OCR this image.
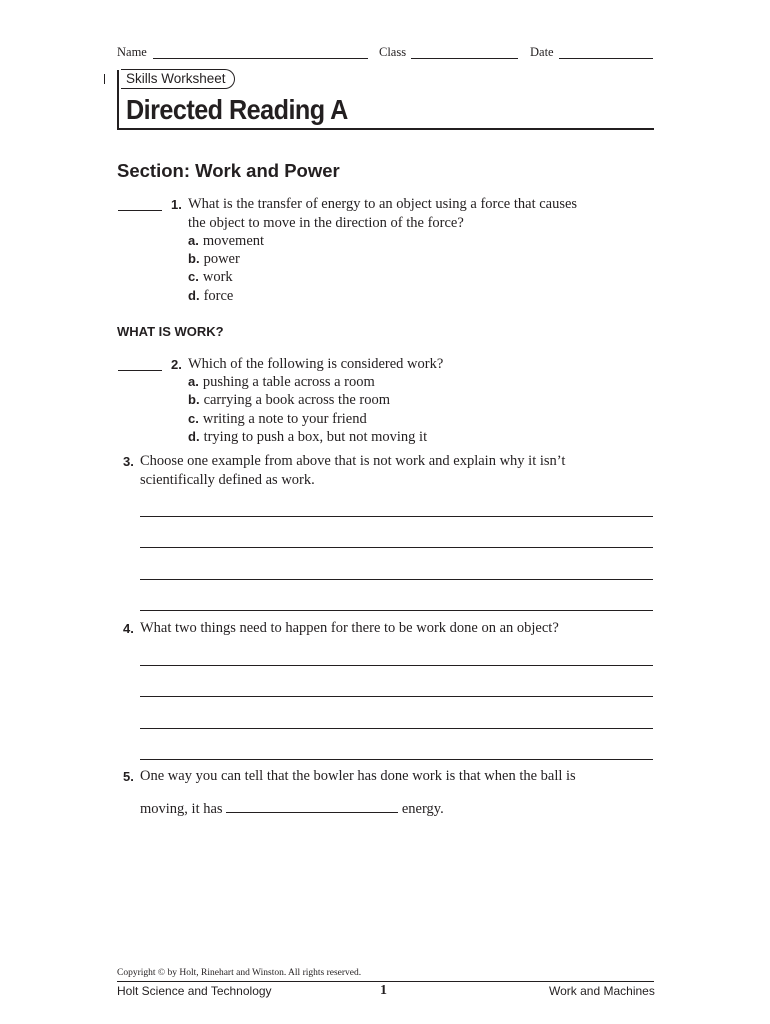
Name	Class	Date
Skills Worksheet
Directed Reading A
Section: Work and Power
1. What is the transfer of energy to an object using a force that causes
the object to move in the direction of the force?
a. movement
b. power
c. work
d. force
WHAT IS WORK?
2. Which of the following is considered work?
a. pushing a table across a room
b. carrying a book across the room
c. writing a note to your friend
d. trying to push a box, but not moving it
3. Choose one example from above that is not work and explain why it isn’t
scientifically defined as work.
4. What two things need to happen for there to be work done on an object?
5. One way you can tell that the bowler has done work is that when the ball is
moving, it has	energy.
Copyright © by Holt, Rinehart and Winston. All rights reserved.
Holt Science and Technology	1	Work and Machines
